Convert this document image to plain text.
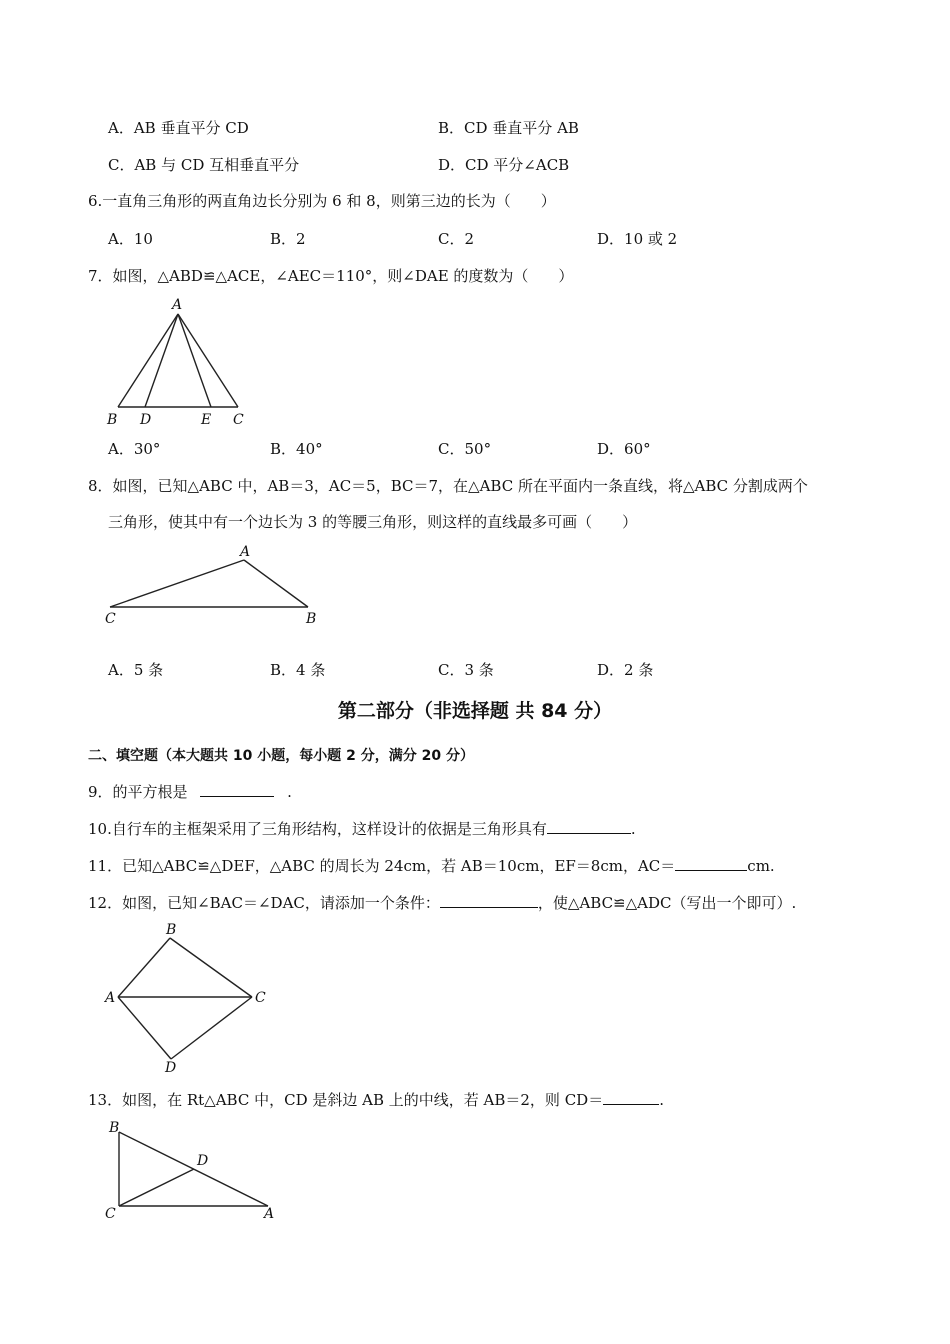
A．AB 垂直平分 CD	B．CD 垂直平分 AB
C．AB 与 CD 互相垂直平分	D．CD 平分∠ACB
6.一直角三角形的两直角边长分别为 6 和 8，则第三边的长为（　　）
A．10	B．2	C．2	D．10 或 2
7．如图，△ABD≌△ACE，∠AEC＝110°，则∠DAE 的度数为（　　）
A
B D	E C
A．30°	B．40°	C．50°	D．60°
8．如图，已知△ABC 中，AB＝3，AC＝5，BC＝7，在△ABC 所在平面内一条直线，将△ABC 分割成两个
三角形，使其中有一个边长为 3 的等腰三角形，则这样的直线最多可画（　　）
A
C	B
A．5 条	B．4 条	C．3 条	D．2 条
第二部分（非选择题 共 84 分）
二、填空题（本大题共 10 小题，每小题 2 分，满分 20 分）
9．的平方根是	.
10.自行车的主框架采用了三角形结构，这样设计的依据是三角形具有	.
11．已知△ABC≌△DEF，△ABC 的周长为 24cm，若 AB＝10cm，EF＝8cm，AC＝	cm.
12．如图，已知∠BAC＝∠DAC，请添加一个条件：	，使△ABC≌△ADC（写出一个即可）.
B
A	C
D
13．如图，在 Rt△ABC 中，CD 是斜边 AB 上的中线，若 AB＝2，则 CD＝	.
B
D
C	A
